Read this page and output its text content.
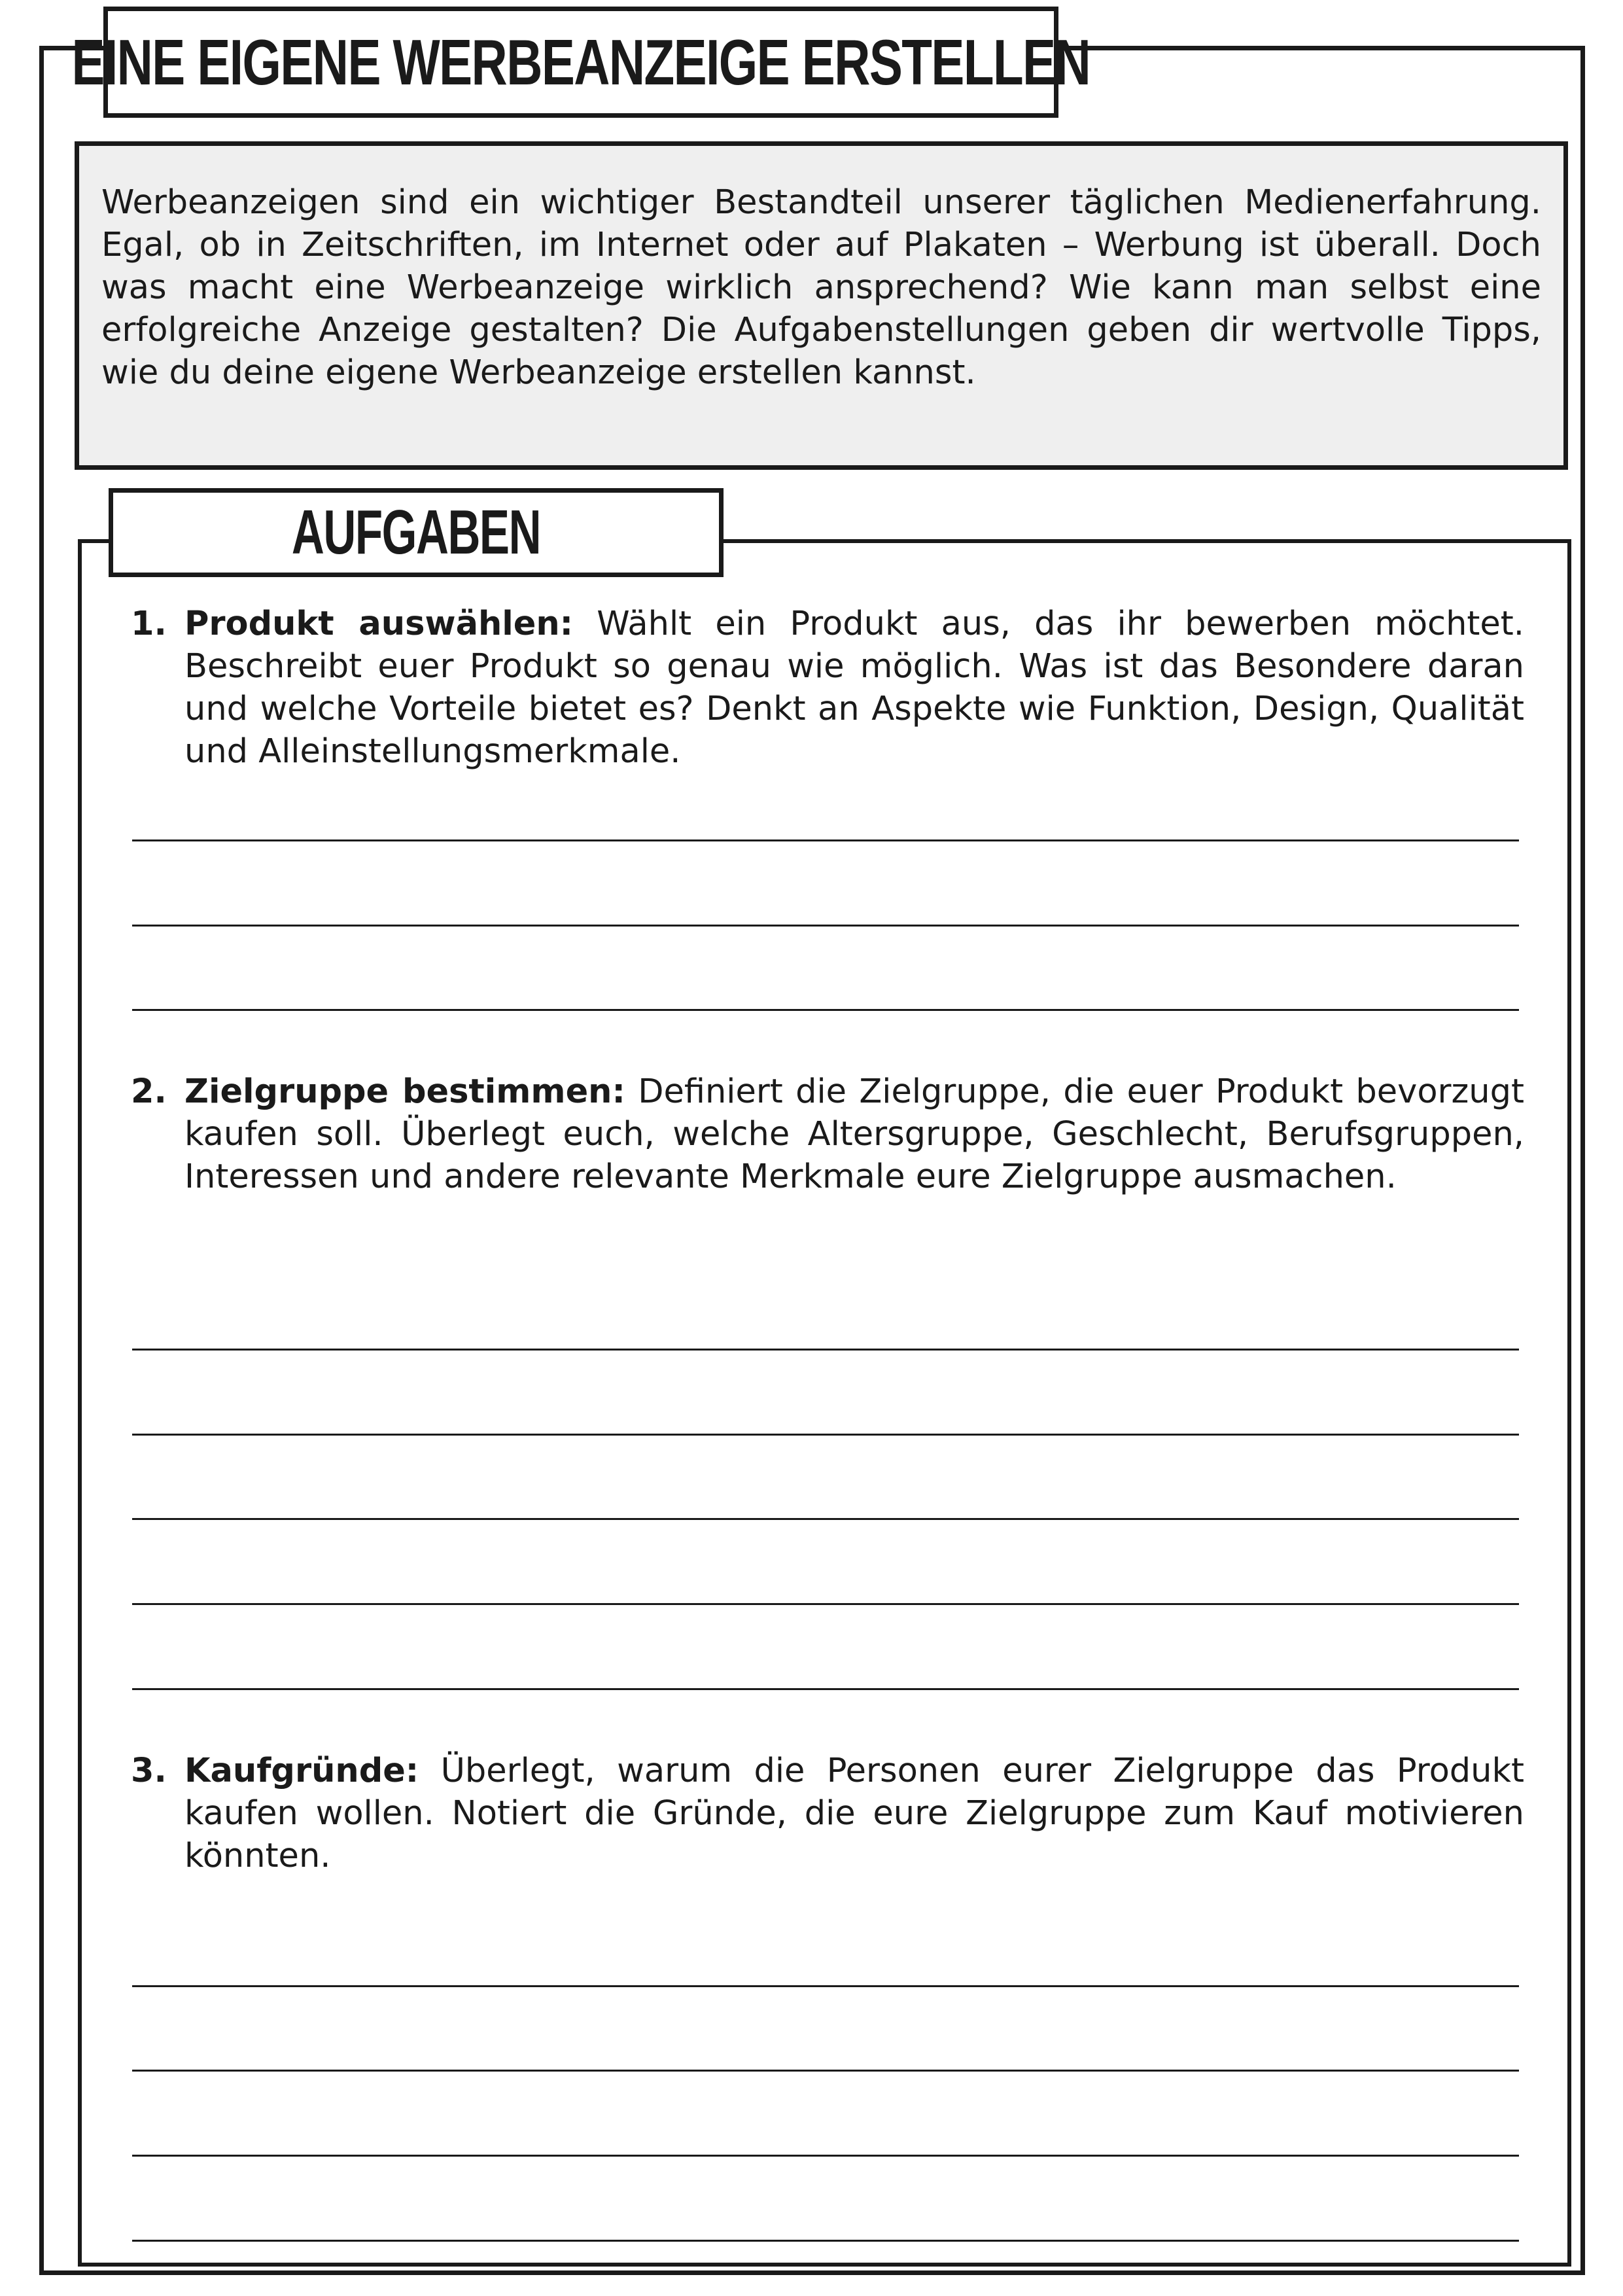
EINE EIGENE WERBEANZEIGE ERSTELLEN

Werbeanzeigen sind ein wichtiger Bestandteil unserer täglichen Medienerfahrung. Egal, ob in Zeitschriften, im Internet oder auf Plakaten – Werbung ist überall. Doch was macht eine Werbeanzeige wirklich ansprechend? Wie kann man selbst eine erfolgreiche Anzeige gestalten? Die Aufgabenstellungen geben dir wertvolle Tipps, wie du deine eigene Werbeanzeige erstellen kannst.

AUFGABEN
1. Produkt auswählen: Wählt ein Produkt aus, das ihr bewerben möchtet. Beschreibt euer Produkt so genau wie möglich. Was ist das Besondere daran und welche Vorteile bietet es? Denkt an Aspekte wie Funktion, Design, Qualität und Alleinstellungsmerkmale.
2. Zielgruppe bestimmen: Definiert die Zielgruppe, die euer Produkt bevorzugt kaufen soll. Überlegt euch, welche Altersgruppe, Geschlecht, Berufsgruppen, Interessen und andere relevante Merkmale eure Zielgruppe ausmachen.
3. Kaufgründe: Überlegt, warum die Personen eurer Zielgruppe das Produkt kaufen wollen. Notiert die Gründe, die eure Zielgruppe zum Kauf motivieren könnten.
